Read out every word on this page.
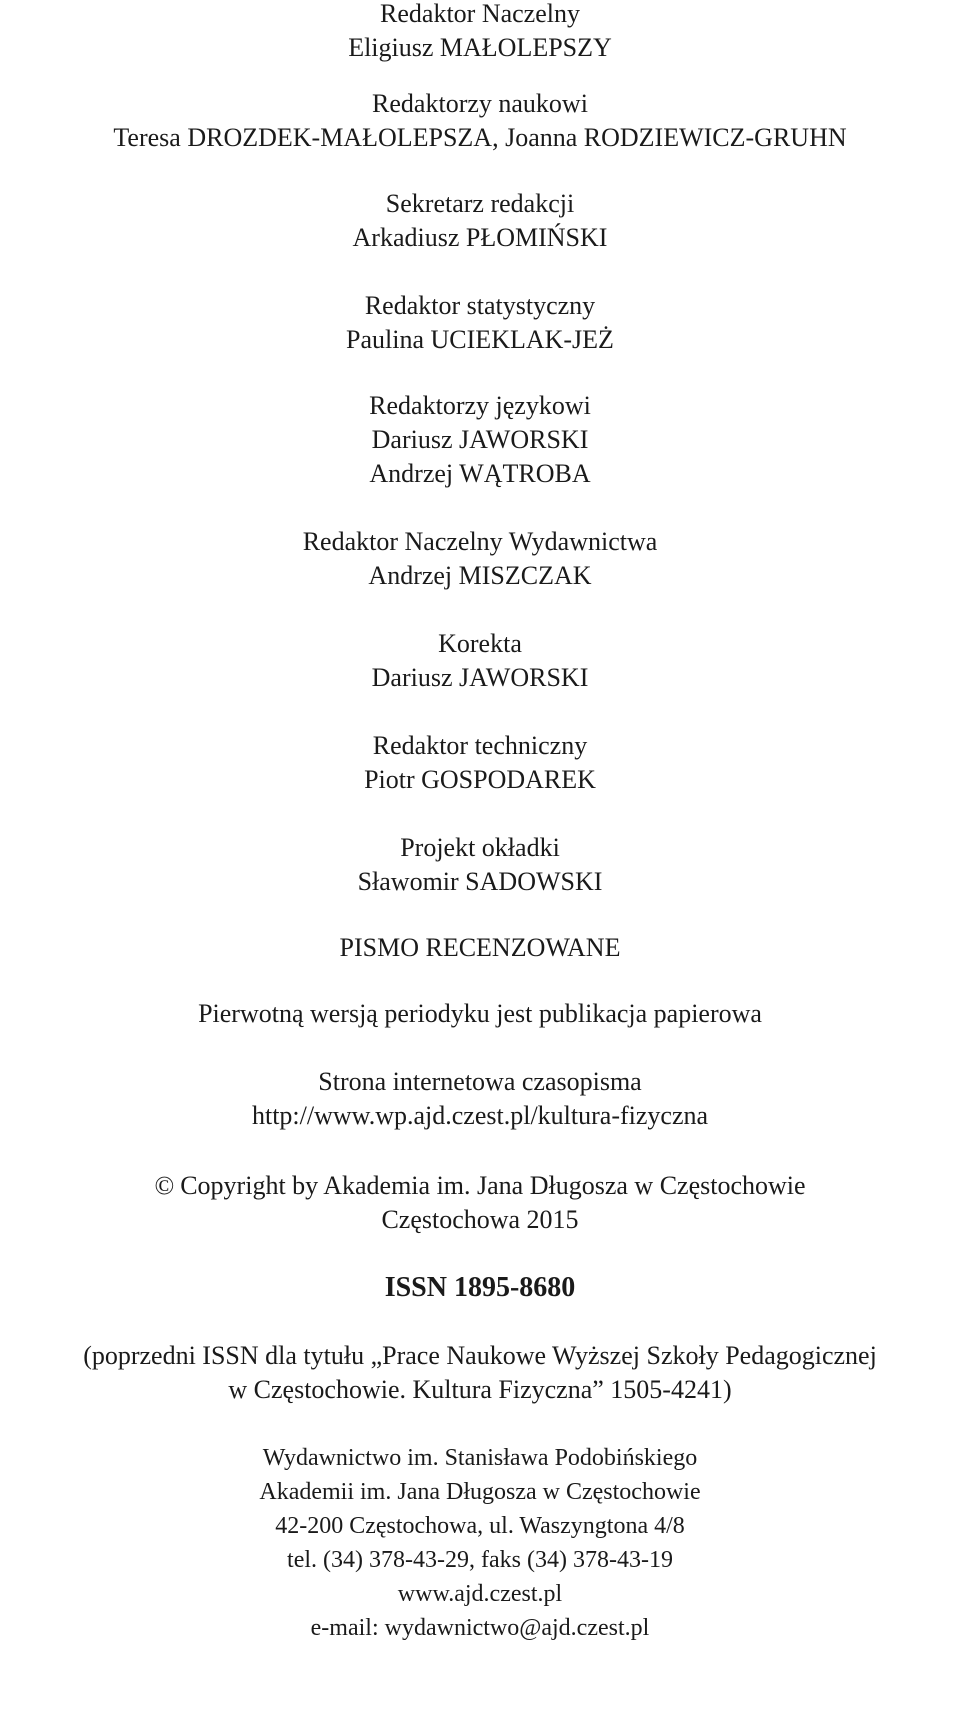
Redaktor Naczelny
Eligiusz MAŁOLEPSZY
Redaktorzy naukowi
Teresa DROZDEK-MAŁOLEPSZA, Joanna RODZIEWICZ-GRUHN
Sekretarz redakcji
Arkadiusz PŁOMIŃSKI
Redaktor statystyczny
Paulina UCIEKLAK-JEŻ
Redaktorzy językowi
Dariusz JAWORSKI
Andrzej WĄTROBA
Redaktor Naczelny Wydawnictwa
Andrzej MISZCZAK
Korekta
Dariusz JAWORSKI
Redaktor techniczny
Piotr GOSPODAREK
Projekt okładki
Sławomir SADOWSKI
PISMO RECENZOWANE
Pierwotną wersją periodyku jest publikacja papierowa
Strona internetowa czasopisma
http://www.wp.ajd.czest.pl/kultura-fizyczna
© Copyright by Akademia im. Jana Długosza w Częstochowie
Częstochowa 2015
ISSN 1895-8680
(poprzedni ISSN dla tytułu „Prace Naukowe Wyższej Szkoły Pedagogicznej
w Częstochowie. Kultura Fizyczna” 1505-4241)
Wydawnictwo im. Stanisława Podobińskiego
Akademii im. Jana Długosza w Częstochowie
42-200 Częstochowa, ul. Waszyngtona 4/8
tel. (34) 378-43-29, faks (34) 378-43-19
www.ajd.czest.pl
e-mail: wydawnictwo@ajd.czest.pl
